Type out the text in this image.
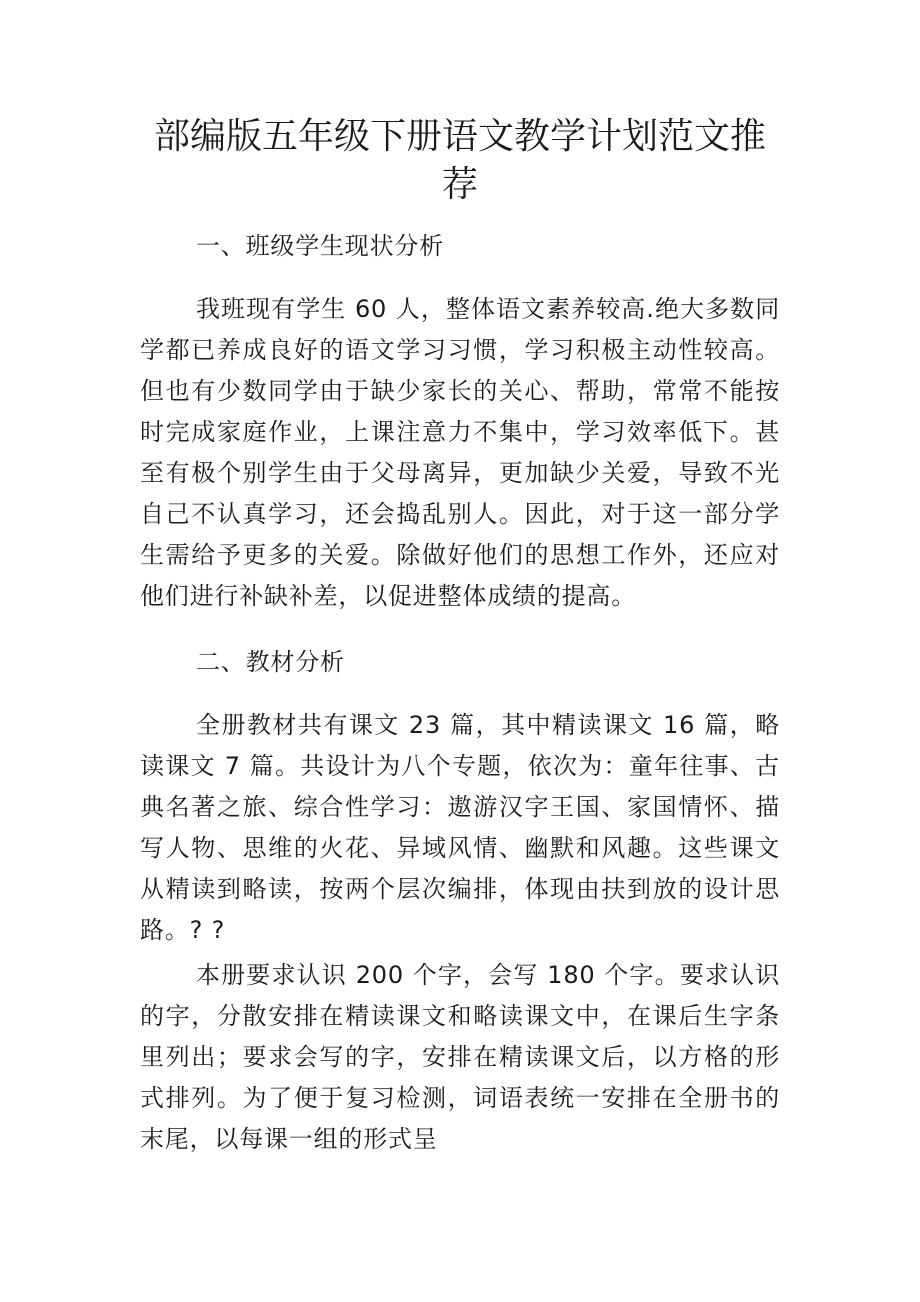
部编版五年级下册语文教学计划范文推荐

一、班级学生现状分析

我班现有学生 60 人，整体语文素养较高.绝大多数同学都已养成良好的语文学习习惯，学习积极主动性较高。但也有少数同学由于缺少家长的关心、帮助，常常不能按时完成家庭作业，上课注意力不集中，学习效率低下。甚至有极个别学生由于父母离异，更加缺少关爱，导致不光自己不认真学习，还会捣乱别人。因此，对于这一部分学生需给予更多的关爱。除做好他们的思想工作外，还应对他们进行补缺补差，以促进整体成绩的提高。

二、教材分析

全册教材共有课文 23 篇，其中精读课文 16 篇，略读课文 7 篇。共设计为八个专题，依次为：童年往事、古典名著之旅、综合性学习：遨游汉字王国、家国情怀、描写人物、思维的火花、异域风情、幽默和风趣。这些课文从精读到略读，按两个层次编排，体现由扶到放的设计思路。? ?

本册要求认识 200 个字，会写 180 个字。要求认识的字，分散安排在精读课文和略读课文中，在课后生字条里列出；要求会写的字，安排在精读课文后，以方格的形式排列。为了便于复习检测，词语表统一安排在全册书的末尾，以每课一组的形式呈
